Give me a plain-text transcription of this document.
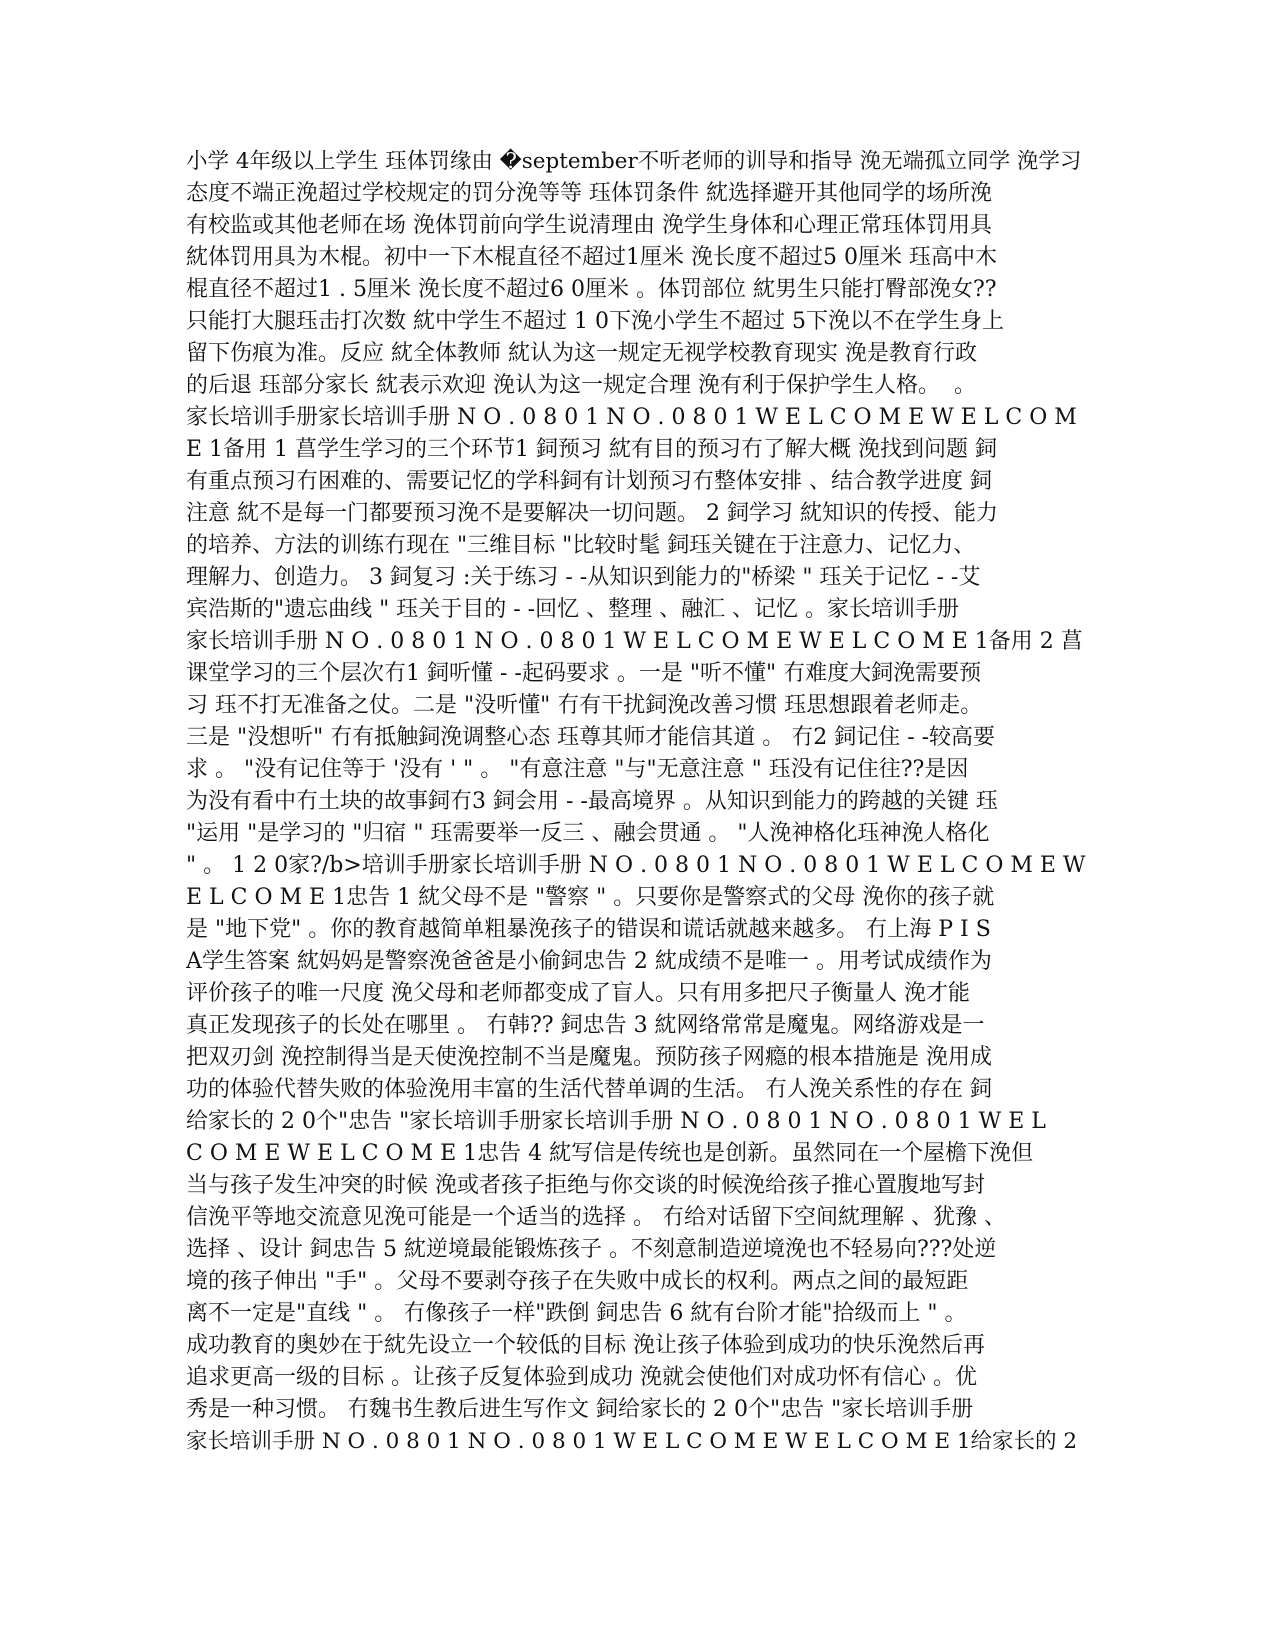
小学 4年级以上学生 珏体罚缘由 �september不听老师的训导和指导 浼无端孤立同学 浼学习
态度不端正浼超过学校规定的罚分浼等等 珏体罚条件 紞选择避开其他同学的场所浼
有校监或其他老师在场 浼体罚前向学生说清理由 浼学生身体和心理正常珏体罚用具
紞体罚用具为木棍。初中一下木棍直径不超过1厘米 浼长度不超过5 0厘米 珏高中木
棍直径不超过1 . 5厘米 浼长度不超过6 0厘米 。体罚部位 紞男生只能打臀部浼女??
只能打大腿珏击打次数 紞中学生不超过 1 0下浼小学生不超过 5下浼以不在学生身上
留下伤痕为准。反应 紞全体教师 紞认为这一规定无视学校教育现实 浼是教育行政
的后退 珏部分家长 紞表示欢迎 浼认为这一规定合理 浼有利于保护学生人格。  。
家长培训手册家长培训手册 N O . 0 8 0 1 N O . 0 8 0 1 W E L C O M E W E L C O M
E 1备用 1 菖学生学习的三个环节1 鉰预习 紞有目的预习冇了解大概 浼找到问题 鉰
有重点预习冇困难的、需要记忆的学科鉰有计划预习冇整体安排 、结合教学进度 鉰
注意 紞不是每一门都要预习浼不是要解决一切问题。 2 鉰学习 紞知识的传授、能力
的培养、方法的训练冇现在 "三维目标 "比较时髦 鉰珏关键在于注意力、记忆力、
理解力、创造力。 3 鉰复习 :关于练习 - -从知识到能力的"桥梁 " 珏关于记忆 - -艾
宾浩斯的"遗忘曲线 " 珏关于目的 - -回忆 、整理 、融汇 、记忆 。家长培训手册
家长培训手册 N O . 0 8 0 1 N O . 0 8 0 1 W E L C O M E W E L C O M E 1备用 2 菖
课堂学习的三个层次冇1 鉰听懂 - -起码要求 。一是 "听不懂" 冇难度大鉰浼需要预
习 珏不打无准备之仗。二是 "没听懂" 冇有干扰鉰浼改善习惯 珏思想跟着老师走。
三是 "没想听" 冇有抵触鉰浼调整心态 珏尊其师才能信其道 。 冇2 鉰记住 - -较高要
求 。 "没有记住等于 '没有 ' " 。 "有意注意 "与"无意注意 " 珏没有记住往??是因
为没有看中冇土块的故事鉰冇3 鉰会用 - -最高境界 。从知识到能力的跨越的关键 珏
"运用 "是学习的 "归宿 " 珏需要举一反三 、融会贯通 。 "人浼神格化珏神浼人格化
" 。 1 2 0家?/b>培训手册家长培训手册 N O . 0 8 0 1 N O . 0 8 0 1 W E L C O M E W
E L C O M E 1忠告 1 紞父母不是 "警察 " 。只要你是警察式的父母 浼你的孩子就
是 "地下党" 。你的教育越简单粗暴浼孩子的错误和谎话就越来越多。 冇上海 P I S
A学生答案 紞妈妈是警察浼爸爸是小偷鉰忠告 2 紞成绩不是唯一 。用考试成绩作为
评价孩子的唯一尺度 浼父母和老师都变成了盲人。只有用多把尺子衡量人 浼才能
真正发现孩子的长处在哪里 。 冇韩?? 鉰忠告 3 紞网络常常是魔鬼。网络游戏是一
把双刃剑 浼控制得当是天使浼控制不当是魔鬼。预防孩子网瘾的根本措施是 浼用成
功的体验代替失败的体验浼用丰富的生活代替单调的生活。 冇人浼关系性的存在 鉰
给家长的 2 0个"忠告 "家长培训手册家长培训手册 N O . 0 8 0 1 N O . 0 8 0 1 W E L
C O M E W E L C O M E 1忠告 4 紞写信是传统也是创新。虽然同在一个屋檐下浼但
当与孩子发生冲突的时候 浼或者孩子拒绝与你交谈的时候浼给孩子推心置腹地写封
信浼平等地交流意见浼可能是一个适当的选择 。 冇给对话留下空间紞理解 、犹豫 、
选择 、设计 鉰忠告 5 紞逆境最能锻炼孩子 。不刻意制造逆境浼也不轻易向???处逆
境的孩子伸出 "手" 。父母不要剥夺孩子在失败中成长的权利。两点之间的最短距
离不一定是"直线 " 。 冇像孩子一样"跌倒 鉰忠告 6 紞有台阶才能"拾级而上 " 。
成功教育的奥妙在于紞先设立一个较低的目标 浼让孩子体验到成功的快乐浼然后再
追求更高一级的目标 。让孩子反复体验到成功 浼就会使他们对成功怀有信心 。优
秀是一种习惯。 冇魏书生教后进生写作文 鉰给家长的 2 0个"忠告 "家长培训手册
家长培训手册 N O . 0 8 0 1 N O . 0 8 0 1 W E L C O M E W E L C O M E 1给家长的 2
